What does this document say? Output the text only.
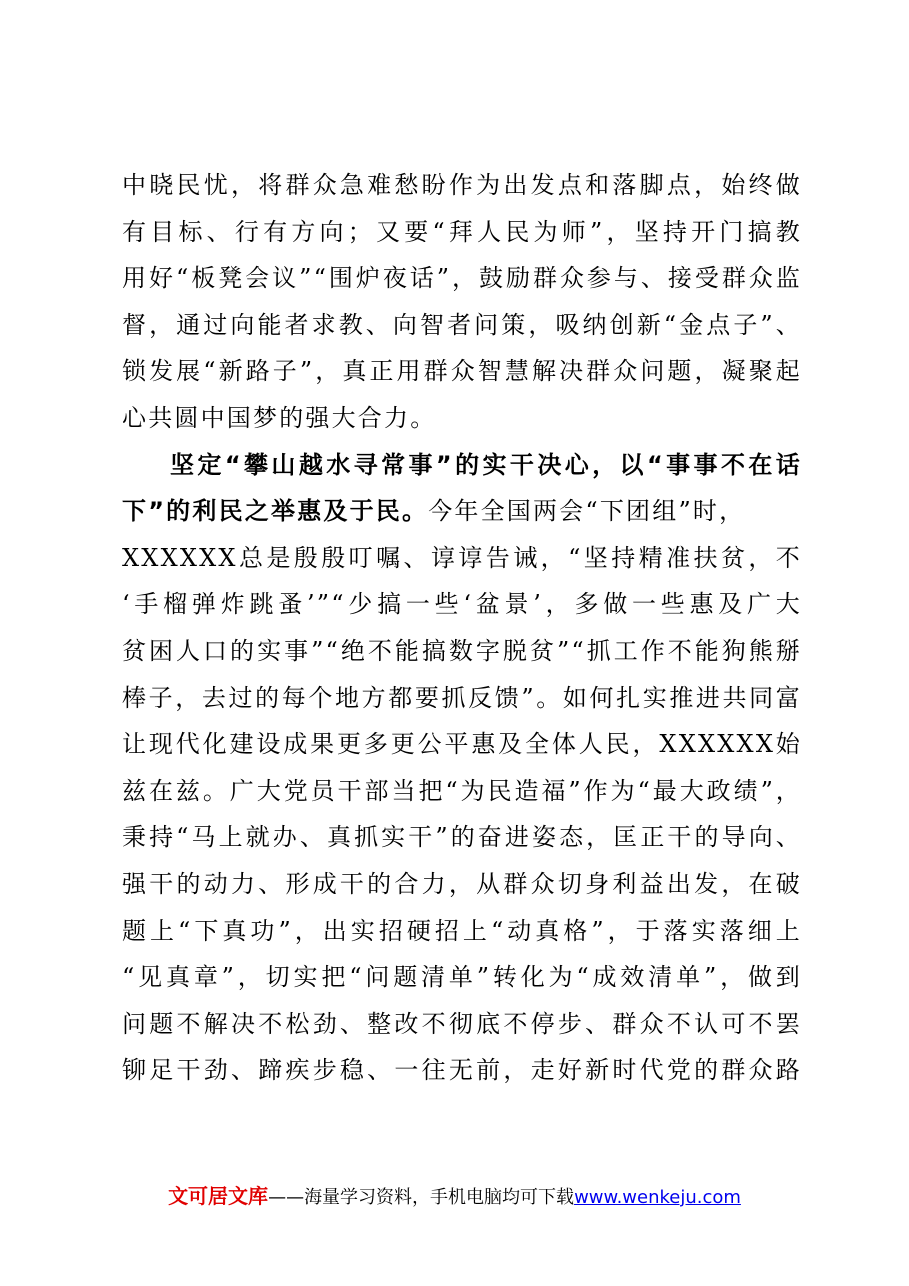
中晓民忧，将群众急难愁盼作为出发点和落脚点，始终做
有目标、行有方向；又要“拜人民为师”，坚持开门搞教
用好“板凳会议”“围炉夜话”，鼓励群众参与、接受群众监
督，通过向能者求教、向智者问策，吸纳创新“金点子”、
锁发展“新路子”，真正用群众智慧解决群众问题，凝聚起
心共圆中国梦的强大合力。
坚定“攀山越水寻常事”的实干决心，以“事事不在话
下”的利民之举惠及于民。今年全国两会“下团组”时，
XXXXXX总是殷殷叮嘱、谆谆告诫，“坚持精准扶贫，不
‘手榴弹炸跳蚤’”“少搞一些‘盆景’，多做一些惠及广大
贫困人口的实事”“绝不能搞数字脱贫”“抓工作不能狗熊掰
棒子，去过的每个地方都要抓反馈”。如何扎实推进共同富
让现代化建设成果更多更公平惠及全体人民，XXXXXX始
兹在兹。广大党员干部当把“为民造福”作为“最大政绩”，
秉持“马上就办、真抓实干”的奋进姿态，匡正干的导向、
强干的动力、形成干的合力，从群众切身利益出发，在破
题上“下真功”，出实招硬招上“动真格”，于落实落细上
“见真章”，切实把“问题清单”转化为“成效清单”，做到
问题不解决不松劲、整改不彻底不停步、群众不认可不罢
铆足干劲、蹄疾步稳、一往无前，走好新时代党的群众路
文可居文库——海量学习资料，手机电脑均可下载www.wenkeju.com
